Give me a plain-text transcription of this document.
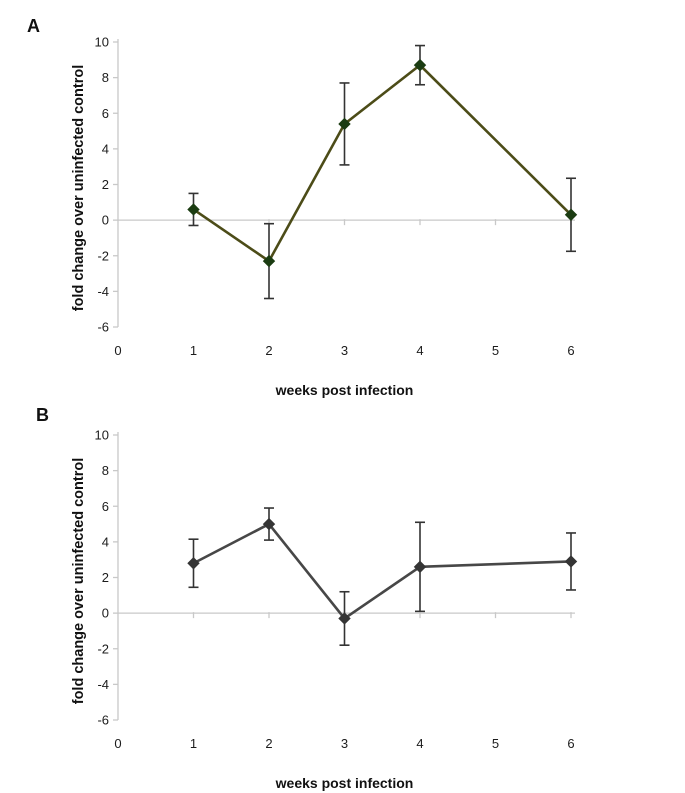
A
fold change over uninfected control
10
8
6
4
2
0
-2
-4
-6
0	1	2	3	4	5	6
weeks post infection
B
fold change over uninfected control
10
8
6
4
2
0
-2
-4
-6
0	1	2	3	4	5	6
weeks post infection
